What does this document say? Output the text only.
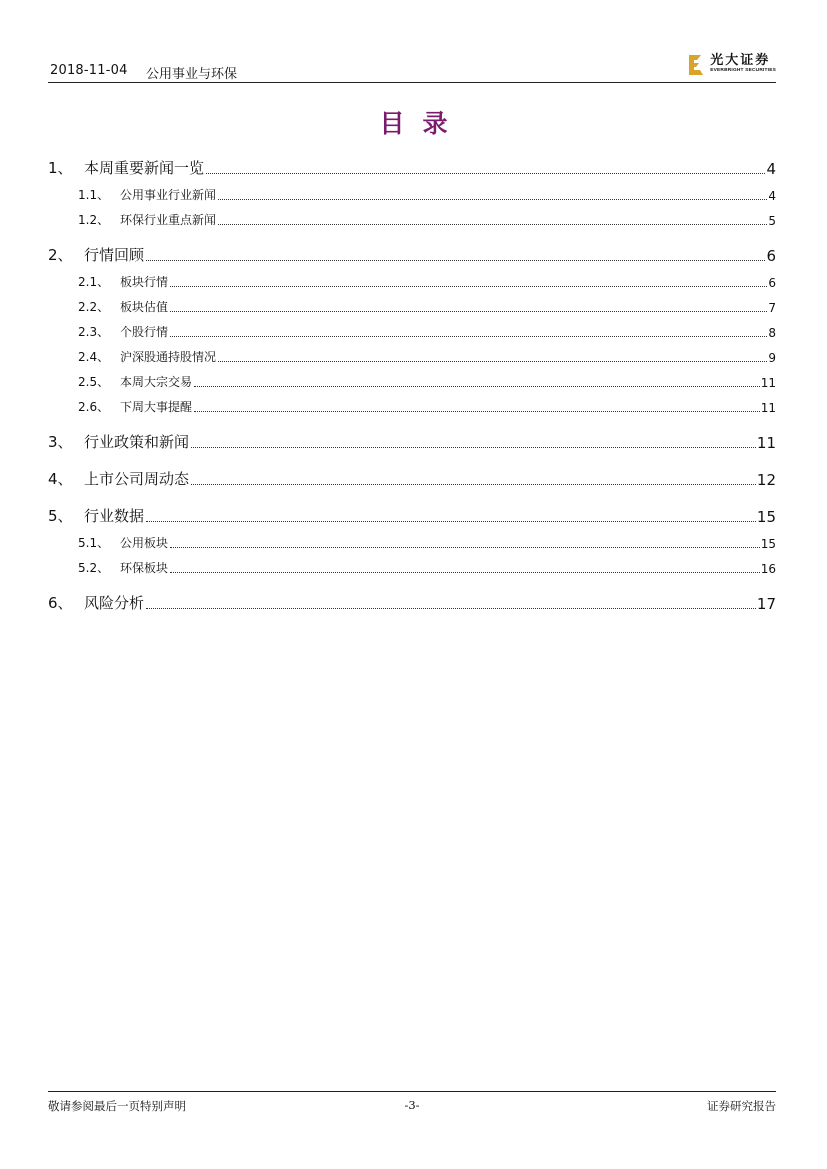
2018-11-04 公用事业与环保
光大证券
EVERBRIGHT SECURITIES
目录
1、 本周重要新闻一览	4
1.1、 公用事业行业新闻	4
1.2、 环保行业重点新闻	5
2、 行情回顾	6
2.1、 板块行情	6
2.2、 板块估值	7
2.3、 个股行情	8
2.4、 沪深股通持股情况	9
2.5、 本周大宗交易	11
2.6、 下周大事提醒	11
3、 行业政策和新闻	11
4、 上市公司周动态	12
5、 行业数据	15
5.1、 公用板块	15
5.2、 环保板块	16
6、 风险分析	17
敬请参阅最后一页特别声明	-3-	证券研究报告
